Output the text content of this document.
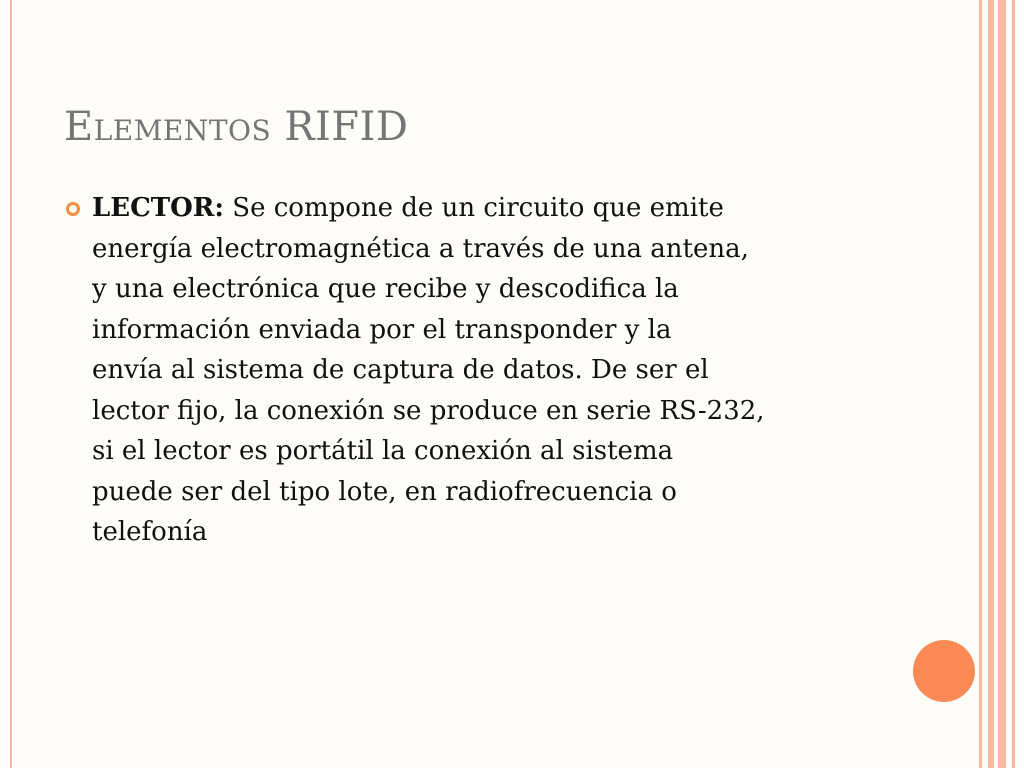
Elementos RIFID
LECTOR: Se compone de un circuito que emite
energía electromagnética a través de una antena,
y una electrónica que recibe y descodifica la
información enviada por el transponder y la
envía al sistema de captura de datos. De ser el
lector fijo, la conexión se produce en serie RS-232,
si el lector es portátil la conexión al sistema
puede ser del tipo lote, en radiofrecuencia o
telefonía
